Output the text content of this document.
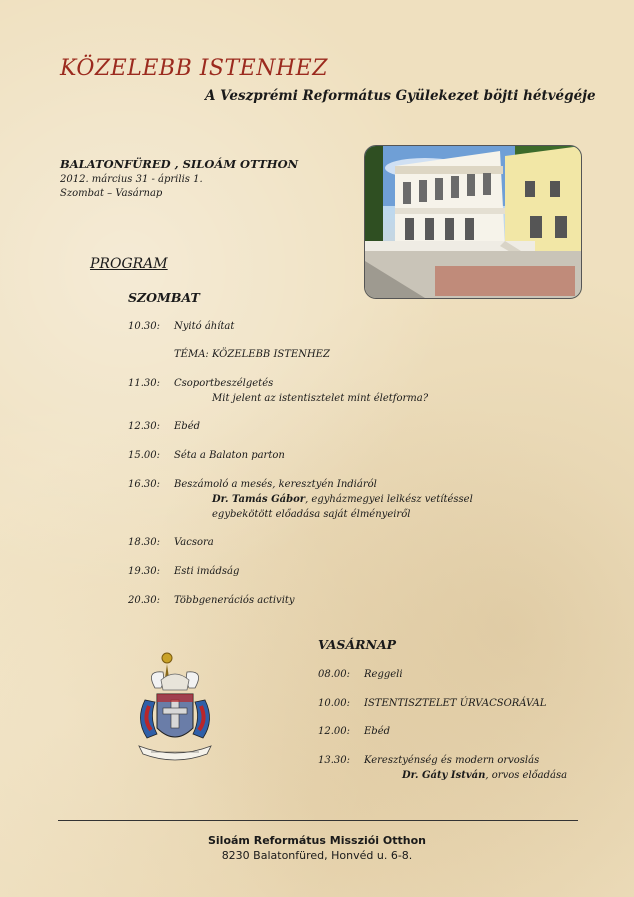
KÖZELEBB ISTENHEZ
A Veszprémi Református Gyülekezet böjti hétvégéje
BALATONFÜRED , SILOÁM OTTHON
2012. március 31 - április 1.
Szombat – Vasárnap
PROGRAM
SZOMBAT
10.30: Nyitó áhítat
TÉMA: KÖZELEBB ISTENHEZ
11.30: Csoportbeszélgetés
Mit jelent az istentisztelet mint életforma?
12.30: Ebéd
15.00: Séta a Balaton parton
16.30: Beszámoló a mesés, keresztyén Indiáról
Dr. Tamás Gábor, egyházmegyei lelkész vetítéssel
egybekötött előadása saját élményeiről
18.30: Vacsora
19.30: Esti imádság
20.30: Többgenerációs activity
VASÁRNAP
08.00: Reggeli
10.00: ISTENTISZTELET ÚRVACSORÁVAL
12.00: Ebéd
13.30: Keresztyénség és modern orvoslás
Dr. Gáty István, orvos előadása
Siloám Református Missziói Otthon
8230 Balatonfüred, Honvéd u. 6-8.
